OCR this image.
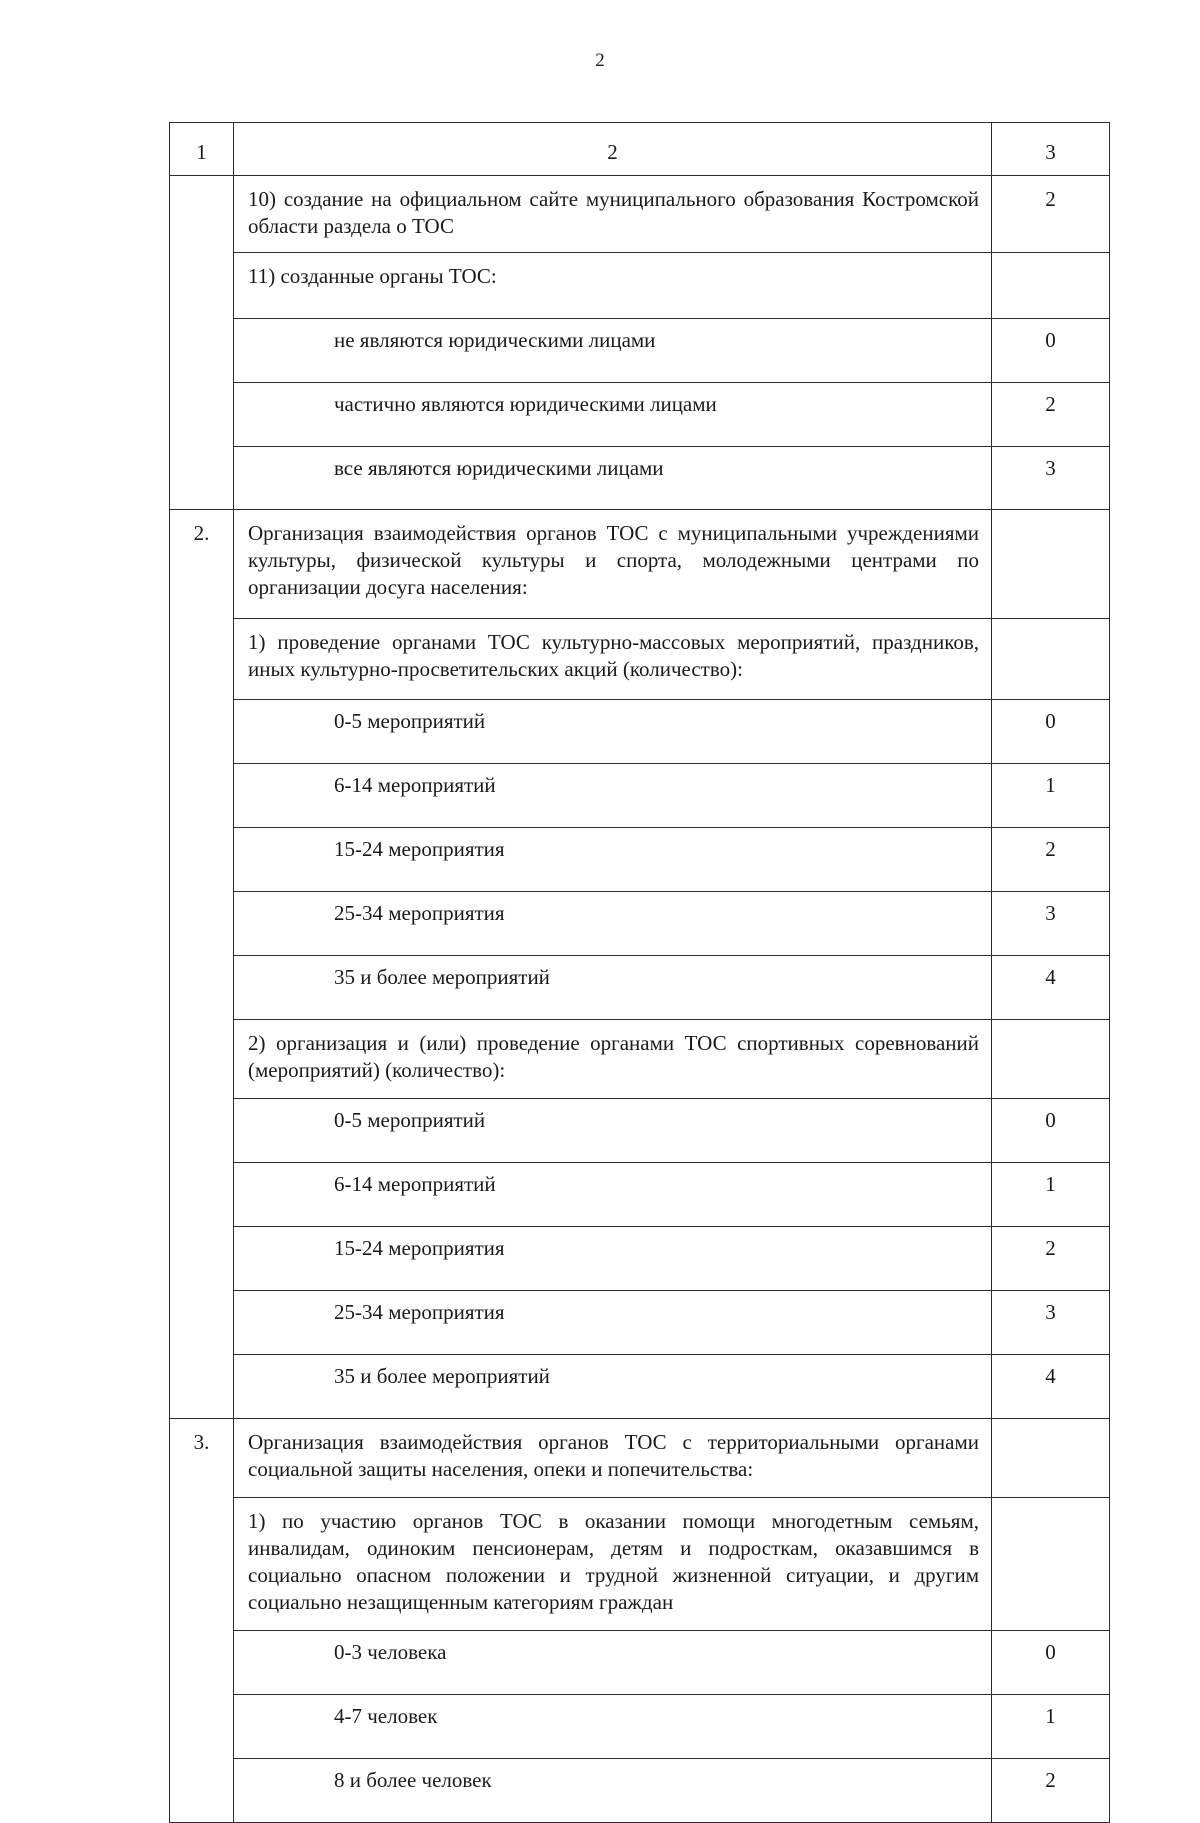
2
1	2	3
	10) создание на официальном сайте муниципального образования Костромской области раздела о ТОС	2
	11) созданные органы ТОС:	
	не являются юридическими лицами	0
	частично являются юридическими лицами	2
	все являются юридическими лицами	3
2.	Организация взаимодействия органов ТОС с муниципальными учреждениями культуры, физической культуры и спорта, молодежными центрами по организации досуга населения:	
	1) проведение органами ТОС культурно-массовых мероприятий, праздников, иных культурно-просветительских акций (количество):	
	0-5 мероприятий	0
	6-14 мероприятий	1
	15-24 мероприятия	2
	25-34 мероприятия	3
	35 и более мероприятий	4
	2) организация и (или) проведение органами ТОС спортивных соревнований (мероприятий) (количество):	
	0-5 мероприятий	0
	6-14 мероприятий	1
	15-24 мероприятия	2
	25-34 мероприятия	3
	35 и более мероприятий	4
3.	Организация взаимодействия органов ТОС с территориальными органами социальной защиты населения, опеки и попечительства:	
	1) по участию органов ТОС в оказании помощи многодетным семьям, инвалидам, одиноким пенсионерам, детям и подросткам, оказавшимся в социально опасном положении и трудной жизненной ситуации, и другим социально незащищенным категориям граждан	
	0-3 человека	0
	4-7 человек	1
	8 и более человек	2
